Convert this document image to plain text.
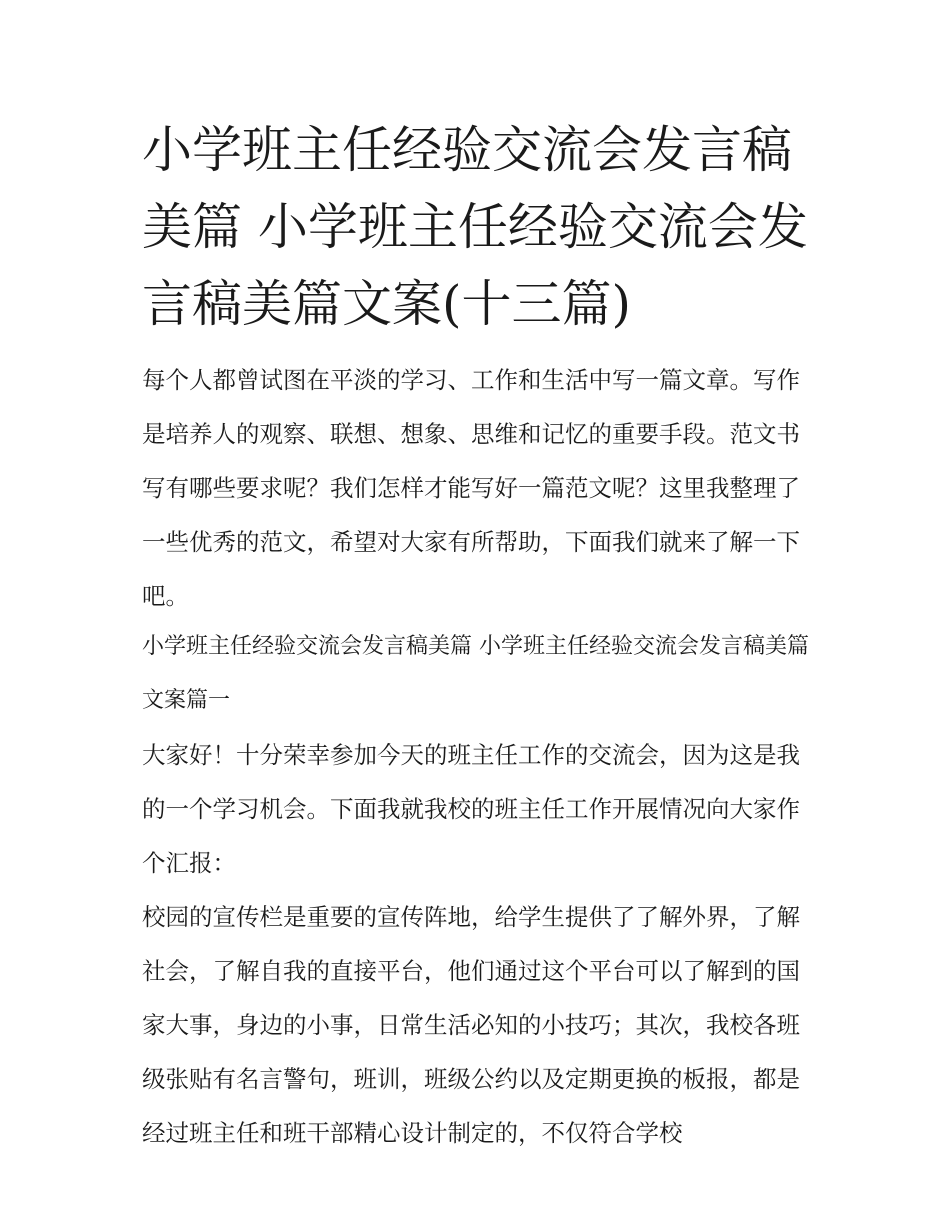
小学班主任经验交流会发言稿美篇 小学班主任经验交流会发言稿美篇文案(十三篇)

每个人都曾试图在平淡的学习、工作和生活中写一篇文章。写作是培养人的观察、联想、想象、思维和记忆的重要手段。范文书写有哪些要求呢？我们怎样才能写好一篇范文呢？这里我整理了一些优秀的范文，希望对大家有所帮助，下面我们就来了解一下吧。

小学班主任经验交流会发言稿美篇 小学班主任经验交流会发言稿美篇文案篇一

大家好！十分荣幸参加今天的班主任工作的交流会，因为这是我的一个学习机会。下面我就我校的班主任工作开展情况向大家作个汇报：

校园的宣传栏是重要的宣传阵地，给学生提供了了解外界，了解社会，了解自我的直接平台，他们通过这个平台可以了解到的国家大事，身边的小事，日常生活必知的小技巧；其次，我校各班级张贴有名言警句，班训，班级公约以及定期更换的板报，都是经过班主任和班干部精心设计制定的，不仅符合学校
